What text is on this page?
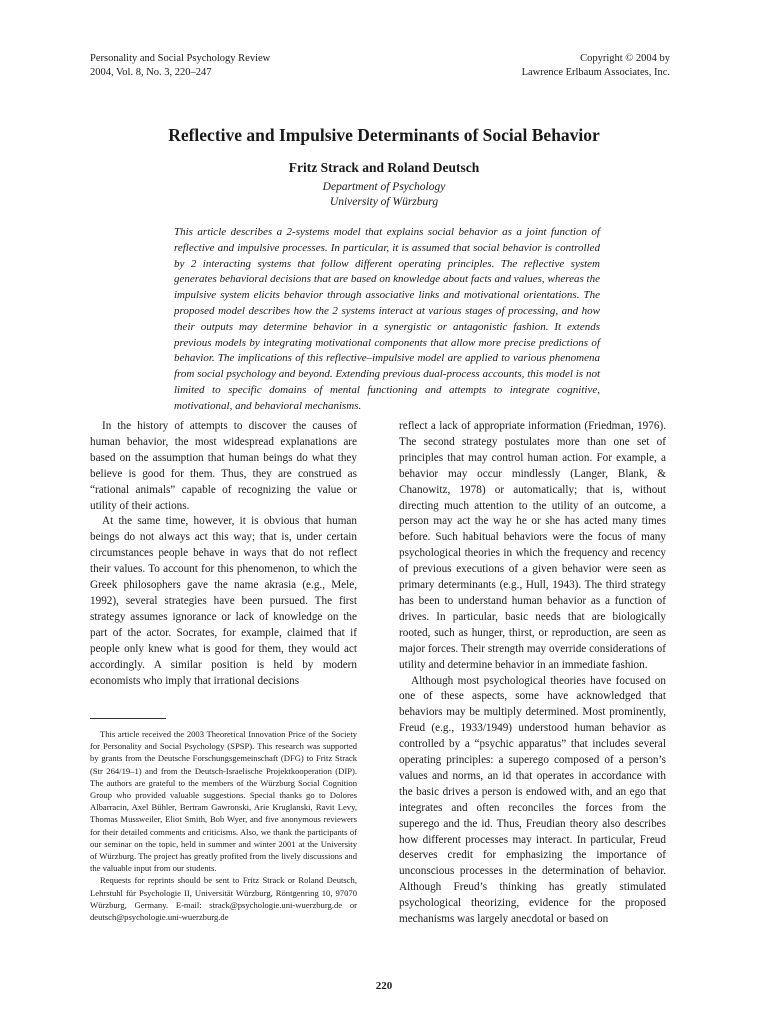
Personality and Social Psychology Review
2004, Vol. 8, No. 3, 220–247
Copyright © 2004 by
Lawrence Erlbaum Associates, Inc.
Reflective and Impulsive Determinants of Social Behavior
Fritz Strack and Roland Deutsch
Department of Psychology
University of Würzburg
This article describes a 2-systems model that explains social behavior as a joint function of reflective and impulsive processes. In particular, it is assumed that social behavior is controlled by 2 interacting systems that follow different operating principles. The reflective system generates behavioral decisions that are based on knowledge about facts and values, whereas the impulsive system elicits behavior through associative links and motivational orientations. The proposed model describes how the 2 systems interact at various stages of processing, and how their outputs may determine behavior in a synergistic or antagonistic fashion. It extends previous models by integrating motivational components that allow more precise predictions of behavior. The implications of this reflective–impulsive model are applied to various phenomena from social psychology and beyond. Extending previous dual-process accounts, this model is not limited to specific domains of mental functioning and attempts to integrate cognitive, motivational, and behavioral mechanisms.

In the history of attempts to discover the causes of human behavior, the most widespread explanations are based on the assumption that human beings do what they believe is good for them. Thus, they are construed as “rational animals” capable of recognizing the value or utility of their actions.

At the same time, however, it is obvious that human beings do not always act this way; that is, under certain circumstances people behave in ways that do not reflect their values. To account for this phenomenon, to which the Greek philosophers gave the name akrasia (e.g., Mele, 1992), several strategies have been pursued. The first strategy assumes ignorance or lack of knowledge on the part of the actor. Socrates, for example, claimed that if people only knew what is good for them, they would act accordingly. A similar position is held by modern economists who imply that irrational decisions

reflect a lack of appropriate information (Friedman, 1976). The second strategy postulates more than one set of principles that may control human action. For example, a behavior may occur mindlessly (Langer, Blank, & Chanowitz, 1978) or automatically; that is, without directing much attention to the utility of an outcome, a person may act the way he or she has acted many times before. Such habitual behaviors were the focus of many psychological theories in which the frequency and recency of previous executions of a given behavior were seen as primary determinants (e.g., Hull, 1943). The third strategy has been to understand human behavior as a function of drives. In particular, basic needs that are biologically rooted, such as hunger, thirst, or reproduction, are seen as major forces. Their strength may override considerations of utility and determine behavior in an immediate fashion.

Although most psychological theories have focused on one of these aspects, some have acknowledged that behaviors may be multiply determined. Most prominently, Freud (e.g., 1933/1949) understood human behavior as controlled by a “psychic apparatus” that includes several operating principles: a superego composed of a person’s values and norms, an id that operates in accordance with the basic drives a person is endowed with, and an ego that integrates and often reconciles the forces from the superego and the id. Thus, Freudian theory also describes how different processes may interact. In particular, Freud deserves credit for emphasizing the importance of unconscious processes in the determination of behavior. Although Freud’s thinking has greatly stimulated psychological theorizing, evidence for the proposed mechanisms was largely anecdotal or based on

This article received the 2003 Theoretical Innovation Price of the Society for Personality and Social Psychology (SPSP). This research was supported by grants from the Deutsche Forschungsgemeinschaft (DFG) to Fritz Strack (Str 264/19–1) and from the Deutsch-Israelische Projektkooperation (DIP). The authors are grateful to the members of the Würzburg Social Cognition Group who provided valuable suggestions. Special thanks go to Dolores Albarracin, Axel Bühler, Bertram Gawronski, Arie Kruglanski, Ravit Levy, Thomas Mussweiler, Eliot Smith, Bob Wyer, and five anonymous reviewers for their detailed comments and criticisms. Also, we thank the participants of our seminar on the topic, held in summer and winter 2001 at the University of Würzburg. The project has greatly profited from the lively discussions and the valuable input from our students.

Requests for reprints should be sent to Fritz Strack or Roland Deutsch, Lehrstuhl für Psychologie II, Universität Würzburg, Röntgenring 10, 97070 Würzburg, Germany. E-mail: strack@psychologie.uni-wuerzburg.de or deutsch@psychologie.uni-wuerzburg.de

220
